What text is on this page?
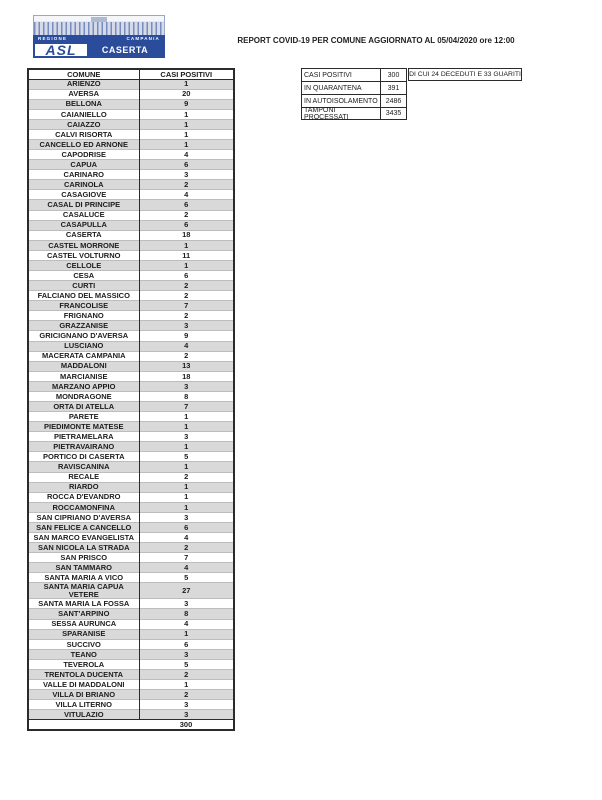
REGIONE	CAMPANIA
ASL	CASERTA
REPORT COVID-19 PER COMUNE AGGIORNATO AL 05/04/2020 ore 12:00
COMUNE	CASI POSITIVI
ARIENZO	1
AVERSA	20
BELLONA	9
CAIANIELLO	1
CAIAZZO	1
CALVI RISORTA	1
CANCELLO ED ARNONE	1
CAPODRISE	4
CAPUA	6
CARINARO	3
CARINOLA	2
CASAGIOVE	4
CASAL DI PRINCIPE	6
CASALUCE	2
CASAPULLA	6
CASERTA	18
CASTEL MORRONE	1
CASTEL VOLTURNO	11
CELLOLE	1
CESA	6
CURTI	2
FALCIANO DEL MASSICO	2
FRANCOLISE	7
FRIGNANO	2
GRAZZANISE	3
GRICIGNANO D'AVERSA	9
LUSCIANO	4
MACERATA CAMPANIA	2
MADDALONI	13
MARCIANISE	18
MARZANO APPIO	3
MONDRAGONE	8
ORTA DI ATELLA	7
PARETE	1
PIEDIMONTE MATESE	1
PIETRAMELARA	3
PIETRAVAIRANO	1
PORTICO DI CASERTA	5
RAVISCANINA	1
RECALE	2
RIARDO	1
ROCCA D'EVANDRO	1
ROCCAMONFINA	1
SAN CIPRIANO D'AVERSA	3
SAN FELICE A CANCELLO	6
SAN MARCO EVANGELISTA	4
SAN NICOLA LA STRADA	2
SAN PRISCO	7
SAN TAMMARO	4
SANTA MARIA A VICO	5
SANTA MARIA CAPUA VETERE	27
SANTA MARIA LA FOSSA	3
SANT'ARPINO	8
SESSA AURUNCA	4
SPARANISE	1
SUCCIVO	6
TEANO	3
TEVEROLA	5
TRENTOLA DUCENTA	2
VALLE DI MADDALONI	1
VILLA DI BRIANO	2
VILLA LITERNO	3
VITULAZIO	3
	300
CASI POSITIVI	300
IN QUARANTENA	391
IN AUTOISOLAMENTO	2486
TAMPONI PROCESSATI	3435
DI CUI 24 DECEDUTI E 33 GUARITI
